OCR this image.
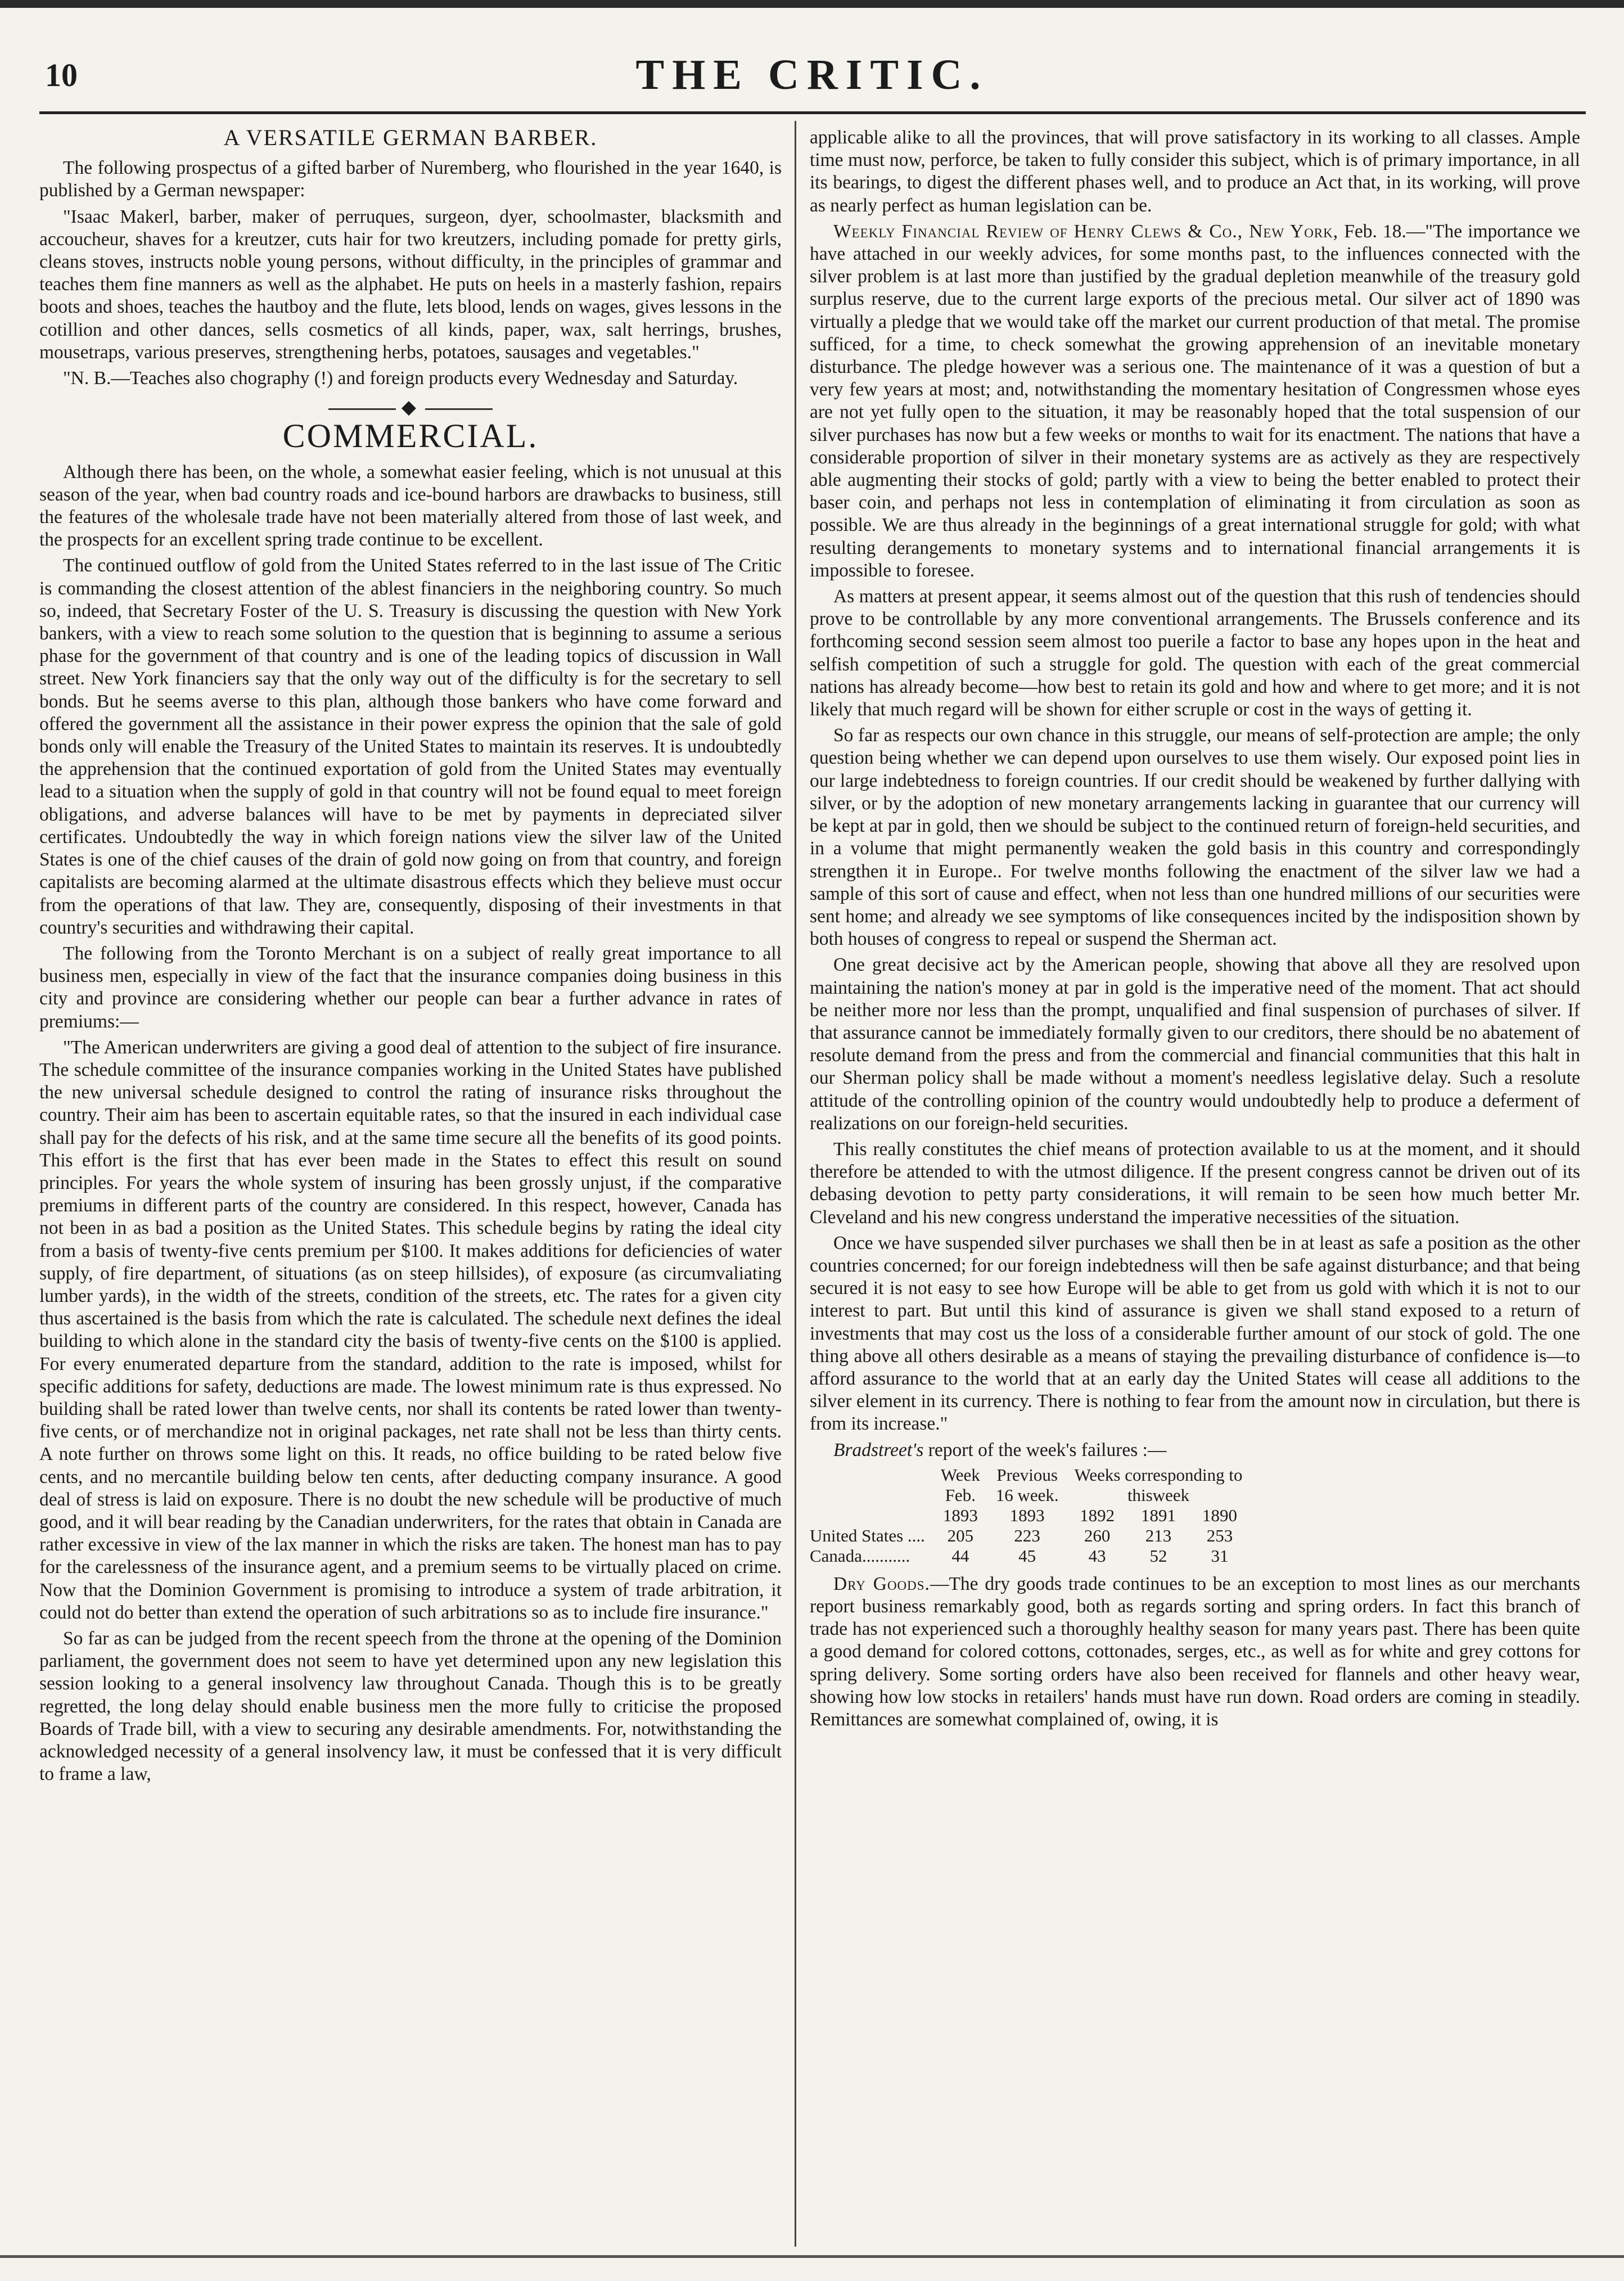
10	THE CRITIC.
A VERSATILE GERMAN BARBER.

The following prospectus of a gifted barber of Nuremberg, who flourished in the year 1640, is published by a German newspaper:

"Isaac Makerl, barber, maker of perruques, surgeon, dyer, schoolmaster, blacksmith and accoucheur, shaves for a kreutzer, cuts hair for two kreutzers, including pomade for pretty girls, cleans stoves, instructs noble young persons, without difficulty, in the principles of grammar and teaches them fine manners as well as the alphabet. He puts on heels in a masterly fashion, repairs boots and shoes, teaches the hautboy and the flute, lets blood, lends on wages, gives lessons in the cotillion and other dances, sells cosmetics of all kinds, paper, wax, salt herrings, brushes, mousetraps, various preserves, strengthening herbs, potatoes, sausages and vegetables."

"N. B.—Teaches also chography (!) and foreign products every Wednesday and Saturday.

◆
COMMERCIAL.

Although there has been, on the whole, a somewhat easier feeling, which is not unusual at this season of the year, when bad country roads and ice-bound harbors are drawbacks to business, still the features of the wholesale trade have not been materially altered from those of last week, and the prospects for an excellent spring trade continue to be excellent.

The continued outflow of gold from the United States referred to in the last issue of The Critic is commanding the closest attention of the ablest financiers in the neighboring country. So much so, indeed, that Secretary Foster of the U. S. Treasury is discussing the question with New York bankers, with a view to reach some solution to the question that is beginning to assume a serious phase for the government of that country and is one of the leading topics of discussion in Wall street. New York financiers say that the only way out of the difficulty is for the secretary to sell bonds. But he seems averse to this plan, although those bankers who have come forward and offered the government all the assistance in their power express the opinion that the sale of gold bonds only will enable the Treasury of the United States to maintain its reserves. It is undoubtedly the apprehension that the continued exportation of gold from the United States may eventually lead to a situation when the supply of gold in that country will not be found equal to meet foreign obligations, and adverse balances will have to be met by payments in depreciated silver certificates. Undoubtedly the way in which foreign nations view the silver law of the United States is one of the chief causes of the drain of gold now going on from that country, and foreign capitalists are becoming alarmed at the ultimate disastrous effects which they believe must occur from the operations of that law. They are, consequently, disposing of their investments in that country's securities and withdrawing their capital.

The following from the Toronto Merchant is on a subject of really great importance to all business men, especially in view of the fact that the insurance companies doing business in this city and province are considering whether our people can bear a further advance in rates of premiums:—

"The American underwriters are giving a good deal of attention to the subject of fire insurance. The schedule committee of the insurance companies working in the United States have published the new universal schedule designed to control the rating of insurance risks throughout the country. Their aim has been to ascertain equitable rates, so that the insured in each individual case shall pay for the defects of his risk, and at the same time secure all the benefits of its good points. This effort is the first that has ever been made in the States to effect this result on sound principles. For years the whole system of insuring has been grossly unjust, if the comparative premiums in different parts of the country are considered. In this respect, however, Canada has not been in as bad a position as the United States. This schedule begins by rating the ideal city from a basis of twenty-five cents premium per $100. It makes additions for deficiencies of water supply, of fire department, of situations (as on steep hillsides), of exposure (as circumvaliating lumber yards), in the width of the streets, condition of the streets, etc. The rates for a given city thus ascertained is the basis from which the rate is calculated. The schedule next defines the ideal building to which alone in the standard city the basis of twenty-five cents on the $100 is applied. For every enumerated departure from the standard, addition to the rate is imposed, whilst for specific additions for safety, deductions are made. The lowest minimum rate is thus expressed. No building shall be rated lower than twelve cents, nor shall its contents be rated lower than twenty-five cents, or of merchandize not in original packages, net rate shall not be less than thirty cents. A note further on throws some light on this. It reads, no office building to be rated below five cents, and no mercantile building below ten cents, after deducting company insurance. A good deal of stress is laid on exposure. There is no doubt the new schedule will be productive of much good, and it will bear reading by the Canadian underwriters, for the rates that obtain in Canada are rather excessive in view of the lax manner in which the risks are taken. The honest man has to pay for the carelessness of the insurance agent, and a premium seems to be virtually placed on crime. Now that the Dominion Government is promising to introduce a system of trade arbitration, it could not do better than extend the operation of such arbitrations so as to include fire insurance."

So far as can be judged from the recent speech from the throne at the opening of the Dominion parliament, the government does not seem to have yet determined upon any new legislation this session looking to a general insolvency law throughout Canada. Though this is to be greatly regretted, the long delay should enable business men the more fully to criticise the proposed Boards of Trade bill, with a view to securing any desirable amendments. For, notwithstanding the acknowledged necessity of a general insolvency law, it must be confessed that it is very difficult to frame a law,

applicable alike to all the provinces, that will prove satisfactory in its working to all classes. Ample time must now, perforce, be taken to fully consider this subject, which is of primary importance, in all its bearings, to digest the different phases well, and to produce an Act that, in its working, will prove as nearly perfect as human legislation can be.

Weekly Financial Review of Henry Clews & Co., New York, Feb. 18.—"The importance we have attached in our weekly advices, for some months past, to the influences connected with the silver problem is at last more than justified by the gradual depletion meanwhile of the treasury gold surplus reserve, due to the current large exports of the precious metal. Our silver act of 1890 was virtually a pledge that we would take off the market our current production of that metal. The promise sufficed, for a time, to check somewhat the growing apprehension of an inevitable monetary disturbance. The pledge however was a serious one. The maintenance of it was a question of but a very few years at most; and, notwithstanding the momentary hesitation of Congressmen whose eyes are not yet fully open to the situation, it may be reasonably hoped that the total suspension of our silver purchases has now but a few weeks or months to wait for its enactment. The nations that have a considerable proportion of silver in their monetary systems are as actively as they are respectively able augmenting their stocks of gold; partly with a view to being the better enabled to protect their baser coin, and perhaps not less in contemplation of eliminating it from circulation as soon as possible. We are thus already in the beginnings of a great international struggle for gold; with what resulting derangements to monetary systems and to international financial arrangements it is impossible to foresee.

As matters at present appear, it seems almost out of the question that this rush of tendencies should prove to be controllable by any more conventional arrangements. The Brussels conference and its forthcoming second session seem almost too puerile a factor to base any hopes upon in the heat and selfish competition of such a struggle for gold. The question with each of the great commercial nations has already become—how best to retain its gold and how and where to get more; and it is not likely that much regard will be shown for either scruple or cost in the ways of getting it.

So far as respects our own chance in this struggle, our means of self-protection are ample; the only question being whether we can depend upon ourselves to use them wisely. Our exposed point lies in our large indebtedness to foreign countries. If our credit should be weakened by further dallying with silver, or by the adoption of new monetary arrangements lacking in guarantee that our currency will be kept at par in gold, then we should be subject to the continued return of foreign-held securities, and in a volume that might permanently weaken the gold basis in this country and correspondingly strengthen it in Europe.. For twelve months following the enactment of the silver law we had a sample of this sort of cause and effect, when not less than one hundred millions of our securities were sent home; and already we see symptoms of like consequences incited by the indisposition shown by both houses of congress to repeal or suspend the Sherman act.

One great decisive act by the American people, showing that above all they are resolved upon maintaining the nation's money at par in gold is the imperative need of the moment. That act should be neither more nor less than the prompt, unqualified and final suspension of purchases of silver. If that assurance cannot be immediately formally given to our creditors, there should be no abatement of resolute demand from the press and from the commercial and financial communities that this halt in our Sherman policy shall be made without a moment's needless legislative delay. Such a resolute attitude of the controlling opinion of the country would undoubtedly help to produce a deferment of realizations on our foreign-held securities.

This really constitutes the chief means of protection available to us at the moment, and it should therefore be attended to with the utmost diligence. If the present congress cannot be driven out of its debasing devotion to petty party considerations, it will remain to be seen how much better Mr. Cleveland and his new congress understand the imperative necessities of the situation.

Once we have suspended silver purchases we shall then be in at least as safe a position as the other countries concerned; for our foreign indebtedness will then be safe against disturbance; and that being secured it is not easy to see how Europe will be able to get from us gold with which it is not to our interest to part. But until this kind of assurance is given we shall stand exposed to a return of investments that may cost us the loss of a considerable further amount of our stock of gold. The one thing above all others desirable as a means of staying the prevailing disturbance of confidence is—to afford assurance to the world that at an early day the United States will cease all additions to the silver element in its currency. There is nothing to fear from the amount now in circulation, but there is from its increase."

Bradstreet's report of the week's failures :—

	Week	Previous	Weeks corresponding to		
	Feb.	16 week.	thisweek		
	1893	1893	1892	1891	1890
United States ....	205	223	260	213	253
Canada...........	44	45	43	52	31

Dry Goods.—The dry goods trade continues to be an exception to most lines as our merchants report business remarkably good, both as regards sorting and spring orders. In fact this branch of trade has not experienced such a thoroughly healthy season for many years past. There has been quite a good demand for colored cottons, cottonades, serges, etc., as well as for white and grey cottons for spring delivery. Some sorting orders have also been received for flannels and other heavy wear, showing how low stocks in retailers' hands must have run down. Road orders are coming in steadily. Remittances are somewhat complained of, owing, it is
